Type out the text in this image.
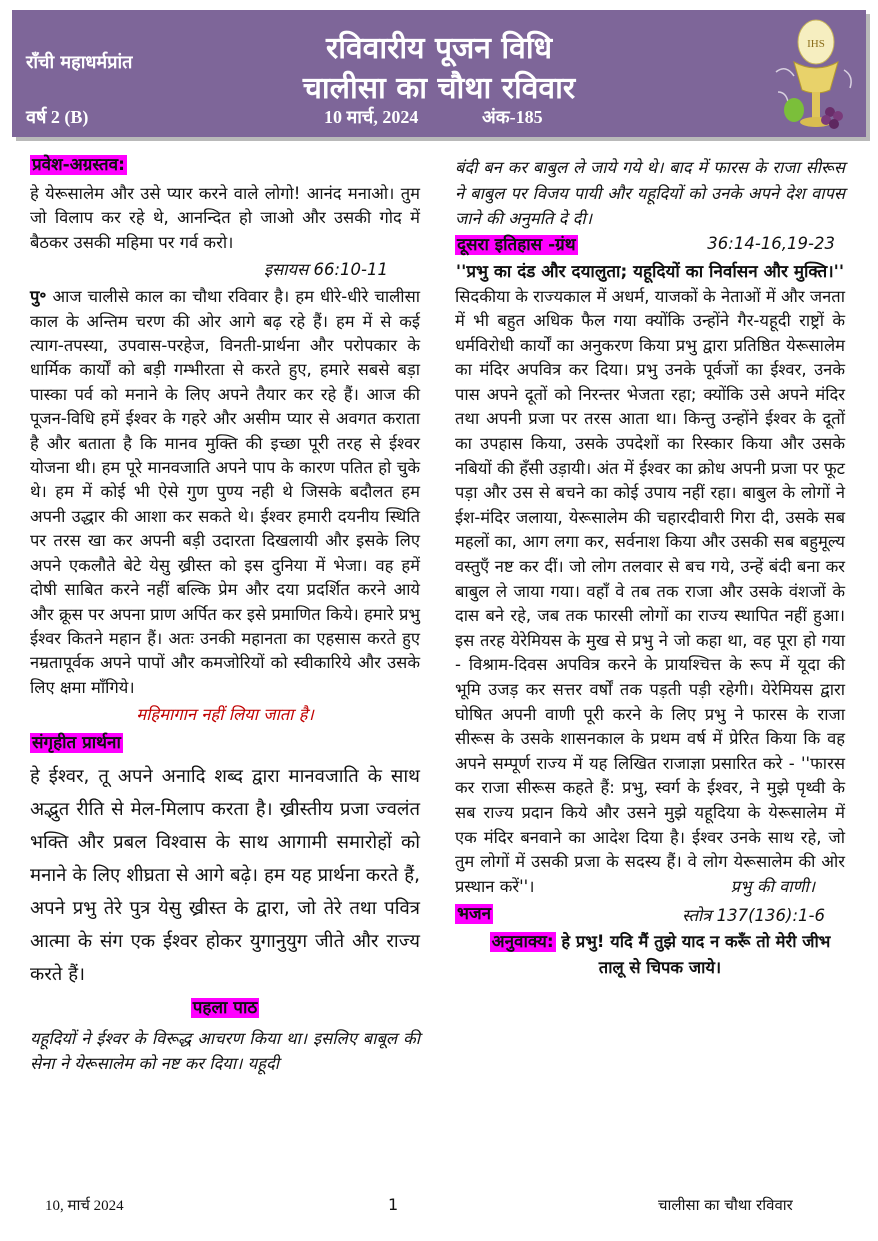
राँची महाधर्मप्रांत	रविवारीय पूजन विधि
चालीसा का चौथा रविवार
वर्ष 2 (B)	10 मार्च, 2024	अंक-185
IHS
प्रवेश-अग्रस्तव:

हे येरूसालेम और उसे प्यार करने वाले लोगो! आनंद मनाओ। तुम जो विलाप कर रहे थे, आनन्दित हो जाओ और उसकी गोद में बैठकर उसकी महिमा पर गर्व करो।

इसायस 66:10-11

पु॰ आज चालीसे काल का चौथा रविवार है। हम धीरे-धीरे चालीसा काल के अन्तिम चरण की ओर आगे बढ़ रहे हैं। हम में से कई त्याग-तपस्या, उपवास-परहेज, विनती-प्रार्थना और परोपकार के धार्मिक कार्यों को बड़ी गम्भीरता से करते हुए, हमारे सबसे बड़ा पास्का पर्व को मनाने के लिए अपने तैयार कर रहे हैं। आज की पूजन-विधि हमें ईश्वर के गहरे और असीम प्यार से अवगत कराता है और बताता है कि मानव मुक्ति की इच्छा पूरी तरह से ईश्वर योजना थी। हम पूरे मानवजाति अपने पाप के कारण पतित हो चुके थे। हम में कोई भी ऐसे गुण पुण्य नही थे जिसके बदौलत हम अपनी उद्धार की आशा कर सकते थे। ईश्वर हमारी दयनीय स्थिति पर तरस खा कर अपनी बड़ी उदारता दिखलायी और इसके लिए अपने एकलौते बेटे येसु ख्रीस्त को इस दुनिया में भेजा। वह हमें दोषी साबित करने नहीं बल्कि प्रेम और दया प्रदर्शित करने आये और क्रूस पर अपना प्राण अर्पित कर इसे प्रमाणित किये। हमारे प्रभु ईश्वर कितने महान हैं। अतः उनकी महानता का एहसास करते हुए नम्रतापूर्वक अपने पापों और कमजोरियों को स्वीकारिये और उसके लिए क्षमा माँगिये।

महिमागान नहीं लिया जाता है।
संगृहीत प्रार्थना

हे ईश्वर, तू अपने अनादि शब्द द्वारा मानवजाति के साथ अद्भुत रीति से मेल-मिलाप करता है। ख्रीस्तीय प्रजा ज्वलंत भक्ति और प्रबल विश्वास के साथ आगामी समारोहों को मनाने के लिए शीघ्रता से आगे बढ़े। हम यह प्रार्थना करते हैं, अपने प्रभु तेरे पुत्र येसु ख्रीस्त के द्वारा, जो तेरे तथा पवित्र आत्मा के संग एक ईश्वर होकर युगानुयुग जीते और राज्य करते हैं।

पहला पाठ

यहूदियों ने ईश्वर के विरूद्ध आचरण किया था। इसलिए बाबूल की सेना ने येरूसालेम को नष्ट कर दिया। यहूदी

बंदी बन कर बाबुल ले जाये गये थे। बाद में फारस के राजा सीरूस ने बाबुल पर विजय पायी और यहूदियों को उनके अपने देश वापस जाने की अनुमति दे दी।

दूसरा इतिहास -ग्रंथ	36:14-16,19-23
''प्रभु का दंड और दयालुता; यहूदियों का निर्वासन और मुक्ति।''

सिदकीया के राज्यकाल में अधर्म, याजकों के नेताओं में और जनता में भी बहुत अधिक फैल गया क्योंकि उन्होंने गैर-यहूदी राष्ट्रों के धर्मविरोधी कार्यों का अनुकरण किया प्रभु द्वारा प्रतिष्ठित येरूसालेम का मंदिर अपवित्र कर दिया। प्रभु उनके पूर्वजों का ईश्वर, उनके पास अपने दूतों को निरन्तर भेजता रहा; क्योंकि उसे अपने मंदिर तथा अपनी प्रजा पर तरस आता था। किन्तु उन्होंने ईश्वर के दूतों का उपहास किया, उसके उपदेशों का रिस्कार किया और उसके नबियों की हँसी उड़ायी। अंत में ईश्वर का क्रोध अपनी प्रजा पर फूट पड़ा और उस से बचने का कोई उपाय नहीं रहा। बाबुल के लोगों ने ईश-मंदिर जलाया, येरूसालेम की चहारदीवारी गिरा दी, उसके सब महलों का, आग लगा कर, सर्वनाश किया और उसकी सब बहुमूल्य वस्तुएँ नष्ट कर दीं। जो लोग तलवार से बच गये, उन्हें बंदी बना कर बाबुल ले जाया गया। वहाँ वे तब तक राजा और उसके वंशजों के दास बने रहे, जब तक फारसी लोगों का राज्य स्थापित नहीं हुआ। इस तरह येरेमियस के मुख से प्रभु ने जो कहा था, वह पूरा हो गया - विश्राम-दिवस अपवित्र करने के प्रायश्चित्त के रूप में यूदा की भूमि उजड़ कर सत्तर वर्षों तक पड़ती पड़ी रहेगी। येरेमियस द्वारा घोषित अपनी वाणी पूरी करने के लिए प्रभु ने फारस के राजा सीरूस के उसके शासनकाल के प्रथम वर्ष में प्रेरित किया कि वह अपने सम्पूर्ण राज्य में यह लिखित राजाज्ञा प्रसारित करे - ''फारस कर राजा सीरूस कहते हैं: प्रभु, स्वर्ग के ईश्वर, ने मुझे पृथ्वी के सब राज्य प्रदान किये और उसने मुझे यहूदिया के येरूसालेम में एक मंदिर बनवाने का आदेश दिया है। ईश्वर उनके साथ रहे, जो तुम लोगों में उसकी प्रजा के सदस्य हैं। वे लोग येरूसालेम की ओर प्रस्थान करें''।	प्रभु की वाणी।

भजन	स्तोत्र 137(136):1-6
अनुवाक्य: हे प्रभु! यदि मैं तुझे याद न करूँ तो मेरी जीभ तालू से चिपक जाये।
10, मार्च 2024	1	चालीसा का चौथा रविवार
